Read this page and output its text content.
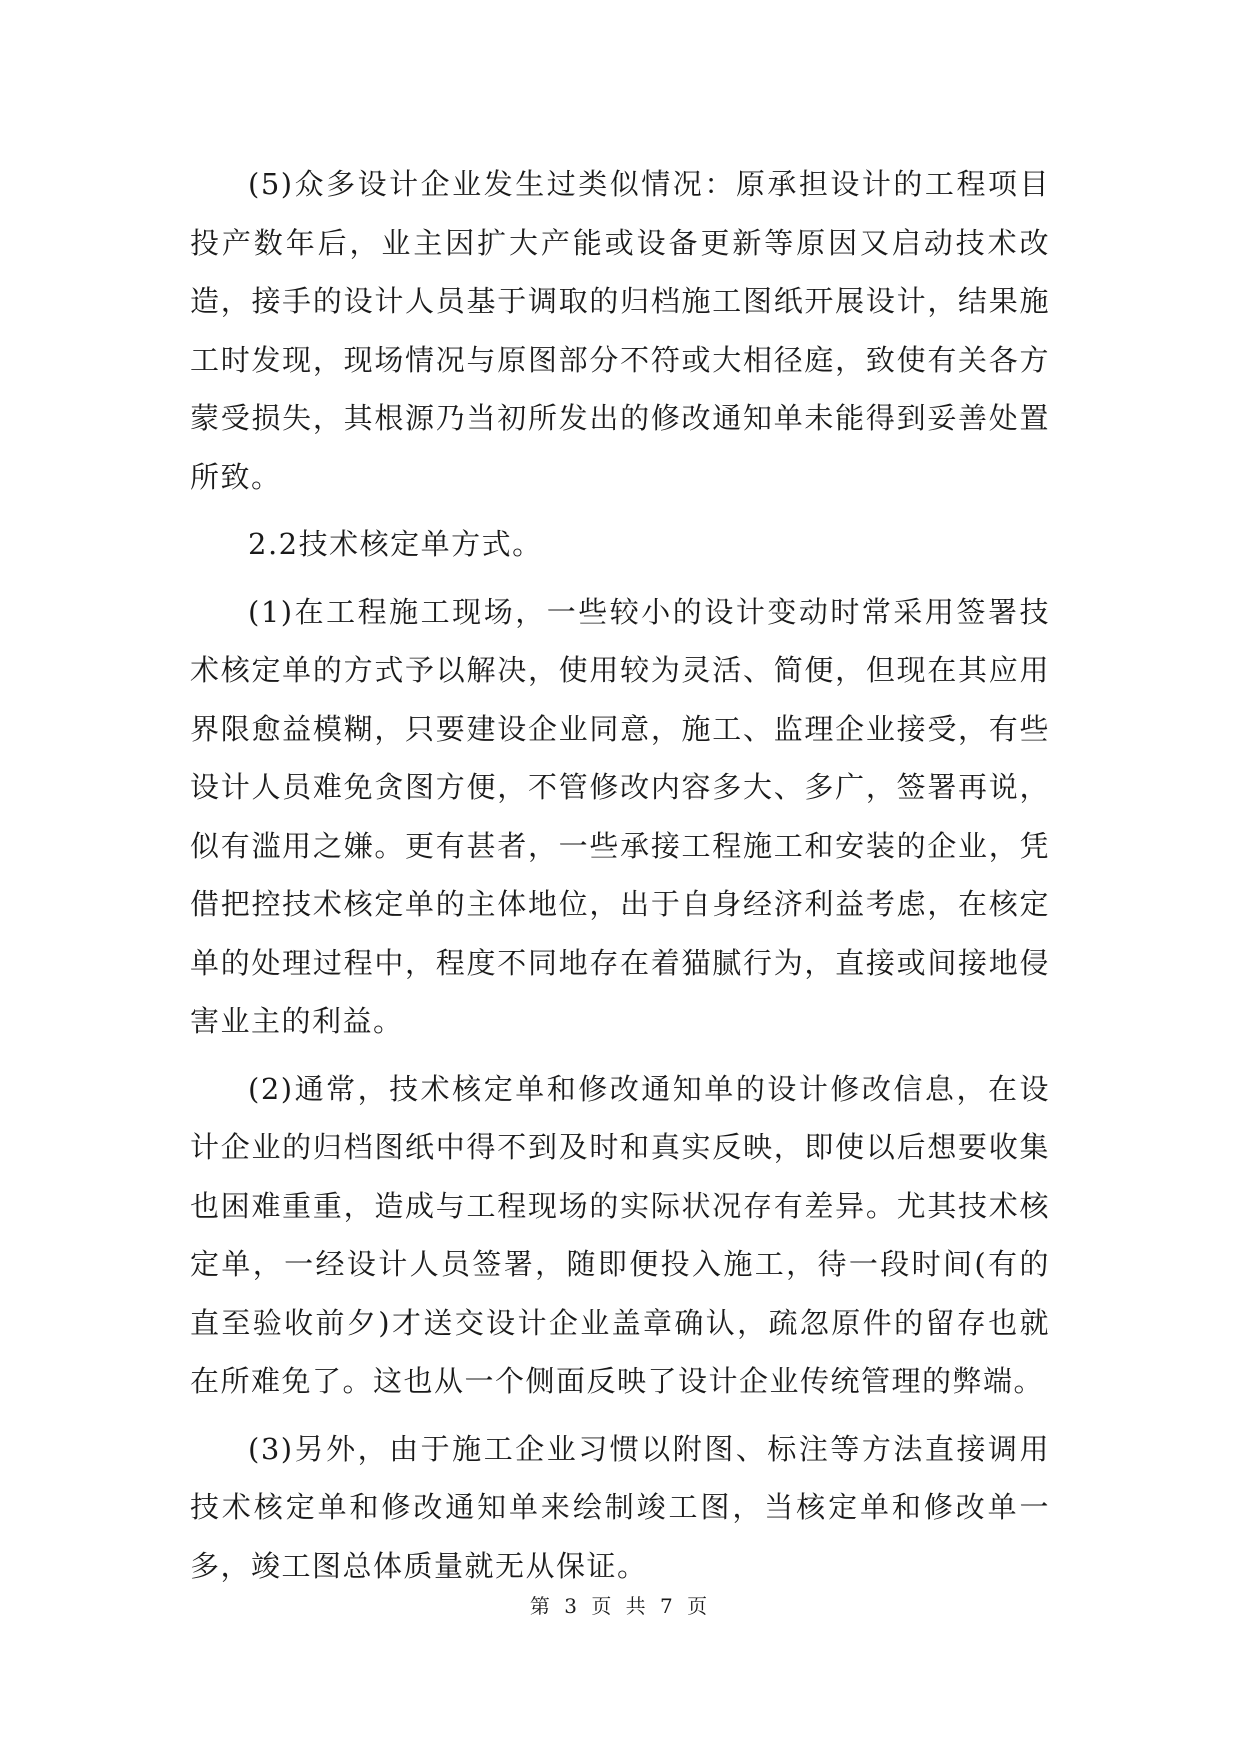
(5)众多设计企业发生过类似情况：原承担设计的工程项目投产数年后，业主因扩大产能或设备更新等原因又启动技术改造，接手的设计人员基于调取的归档施工图纸开展设计，结果施工时发现，现场情况与原图部分不符或大相径庭，致使有关各方蒙受损失，其根源乃当初所发出的修改通知单未能得到妥善处置所致。

2.2技术核定单方式。

(1)在工程施工现场，一些较小的设计变动时常采用签署技术核定单的方式予以解决，使用较为灵活、简便，但现在其应用界限愈益模糊，只要建设企业同意，施工、监理企业接受，有些设计人员难免贪图方便，不管修改内容多大、多广，签署再说，似有滥用之嫌。更有甚者，一些承接工程施工和安装的企业，凭借把控技术核定单的主体地位，出于自身经济利益考虑，在核定单的处理过程中，程度不同地存在着猫腻行为，直接或间接地侵害业主的利益。

(2)通常，技术核定单和修改通知单的设计修改信息，在设计企业的归档图纸中得不到及时和真实反映，即使以后想要收集也困难重重，造成与工程现场的实际状况存有差异。尤其技术核定单，一经设计人员签署，随即便投入施工，待一段时间(有的直至验收前夕)才送交设计企业盖章确认，疏忽原件的留存也就在所难免了。这也从一个侧面反映了设计企业传统管理的弊端。

(3)另外，由于施工企业习惯以附图、标注等方法直接调用技术核定单和修改通知单来绘制竣工图，当核定单和修改单一多，竣工图总体质量就无从保证。

第 3 页 共 7 页
